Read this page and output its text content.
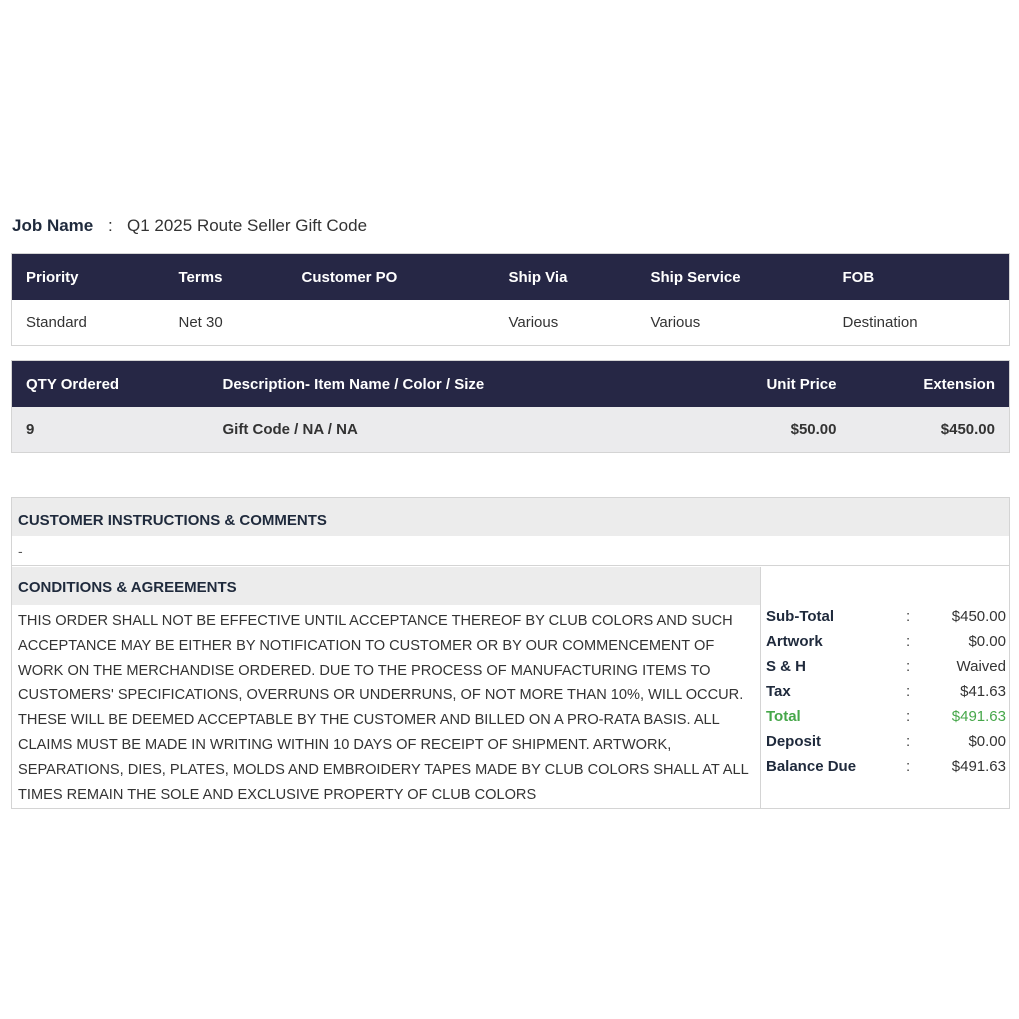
Job Name : Q1 2025 Route Seller Gift Code
Priority	Terms	Customer PO	Ship Via	Ship Service	FOB
Standard	Net 30		Various	Various	Destination
QTY Ordered	Description- Item Name / Color / Size	Unit Price	Extension
9	Gift Code / NA / NA	$50.00	$450.00
CUSTOMER INSTRUCTIONS & COMMENTS
-
CONDITIONS & AGREEMENTS
THIS ORDER SHALL NOT BE EFFECTIVE UNTIL ACCEPTANCE THEREOF BY CLUB COLORS AND SUCH ACCEPTANCE MAY BE EITHER BY NOTIFICATION TO CUSTOMER OR BY OUR COMMENCEMENT OF WORK ON THE MERCHANDISE ORDERED. DUE TO THE PROCESS OF MANUFACTURING ITEMS TO CUSTOMERS' SPECIFICATIONS, OVERRUNS OR UNDERRUNS, OF NOT MORE THAN 10%, WILL OCCUR. THESE WILL BE DEEMED ACCEPTABLE BY THE CUSTOMER AND BILLED ON A PRO-RATA BASIS. ALL CLAIMS MUST BE MADE IN WRITING WITHIN 10 DAYS OF RECEIPT OF SHIPMENT. ARTWORK, SEPARATIONS, DIES, PLATES, MOLDS AND EMBROIDERY TAPES MADE BY CLUB COLORS SHALL AT ALL TIMES REMAIN THE SOLE AND EXCLUSIVE PROPERTY OF CLUB COLORS
Sub-Total	:	$450.00
Artwork	:	$0.00
S & H	:	Waived
Tax	:	$41.63
Total	:	$491.63
Deposit	:	$0.00
Balance Due	:	$491.63
